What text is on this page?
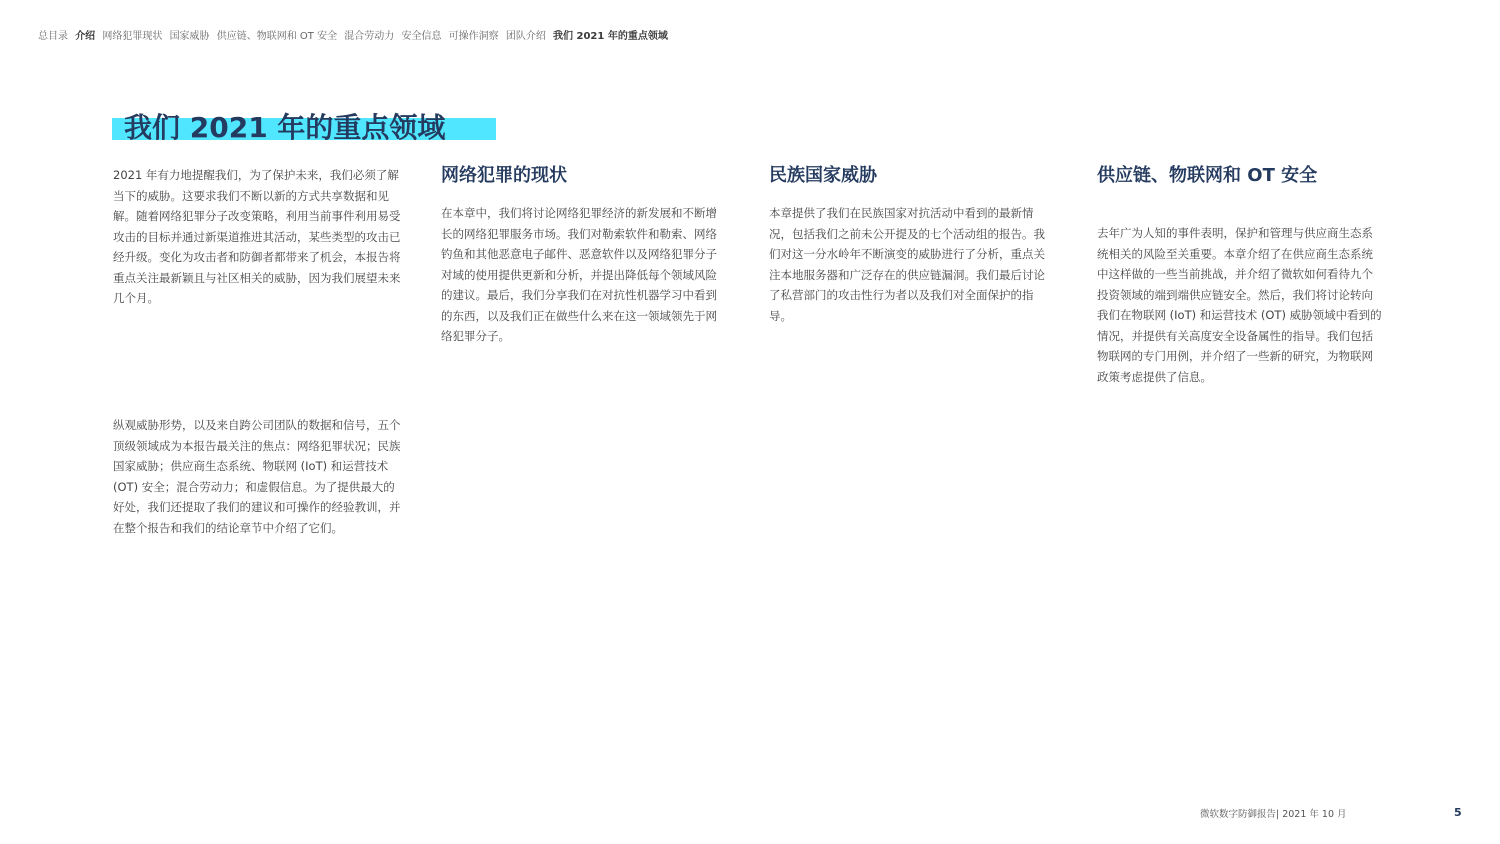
总目录 介绍 网络犯罪现状 国家威胁 供应链、物联网和 OT 安全 混合劳动力 安全信息 可操作洞察 团队介绍 我们 2021 年的重点领域
我们 2021 年的重点领域

2021 年有力地提醒我们，为了保护未来，我们必须了解当下的威胁。这要求我们不断以新的方式共享数据和见解。随着网络犯罪分子改变策略，利用当前事件利用易受攻击的目标并通过新渠道推进其活动，某些类型的攻击已经升级。变化为攻击者和防御者都带来了机会，本报告将重点关注最新颖且与社区相关的威胁，因为我们展望未来几个月。

纵观威胁形势，以及来自跨公司团队的数据和信号，五个顶级领域成为本报告最关注的焦点：网络犯罪状况；民族国家威胁；供应商生态系统、物联网 (IoT) 和运营技术 (OT) 安全；混合劳动力；和虚假信息。为了提供最大的好处，我们还提取了我们的建议和可操作的经验教训，并在整个报告和我们的结论章节中介绍了它们。

网络犯罪的现状

在本章中，我们将讨论网络犯罪经济的新发展和不断增长的网络犯罪服务市场。我们对勒索软件和勒索、网络钓鱼和其他恶意电子邮件、恶意软件以及网络犯罪分子对域的使用提供更新和分析，并提出降低每个领域风险的建议。最后，我们分享我们在对抗性机器学习中看到的东西，以及我们正在做些什么来在这一领域领先于网络犯罪分子。

民族国家威胁

本章提供了我们在民族国家对抗活动中看到的最新情况，包括我们之前未公开提及的七个活动组的报告。我们对这一分水岭年不断演变的威胁进行了分析，重点关注本地服务器和广泛存在的供应链漏洞。我们最后讨论了私营部门的攻击性行为者以及我们对全面保护的指导。

供应链、物联网和 OT 安全

去年广为人知的事件表明，保护和管理与供应商生态系统相关的风险至关重要。本章介绍了在供应商生态系统中这样做的一些当前挑战，并介绍了微软如何看待九个投资领域的端到端供应链安全。然后，我们将讨论转向我们在物联网 (IoT) 和运营技术 (OT) 威胁领域中看到的情况，并提供有关高度安全设备属性的指导。我们包括物联网的专门用例，并介绍了一些新的研究，为物联网政策考虑提供了信息。

微软数字防御报告| 2021 年 10 月	5
